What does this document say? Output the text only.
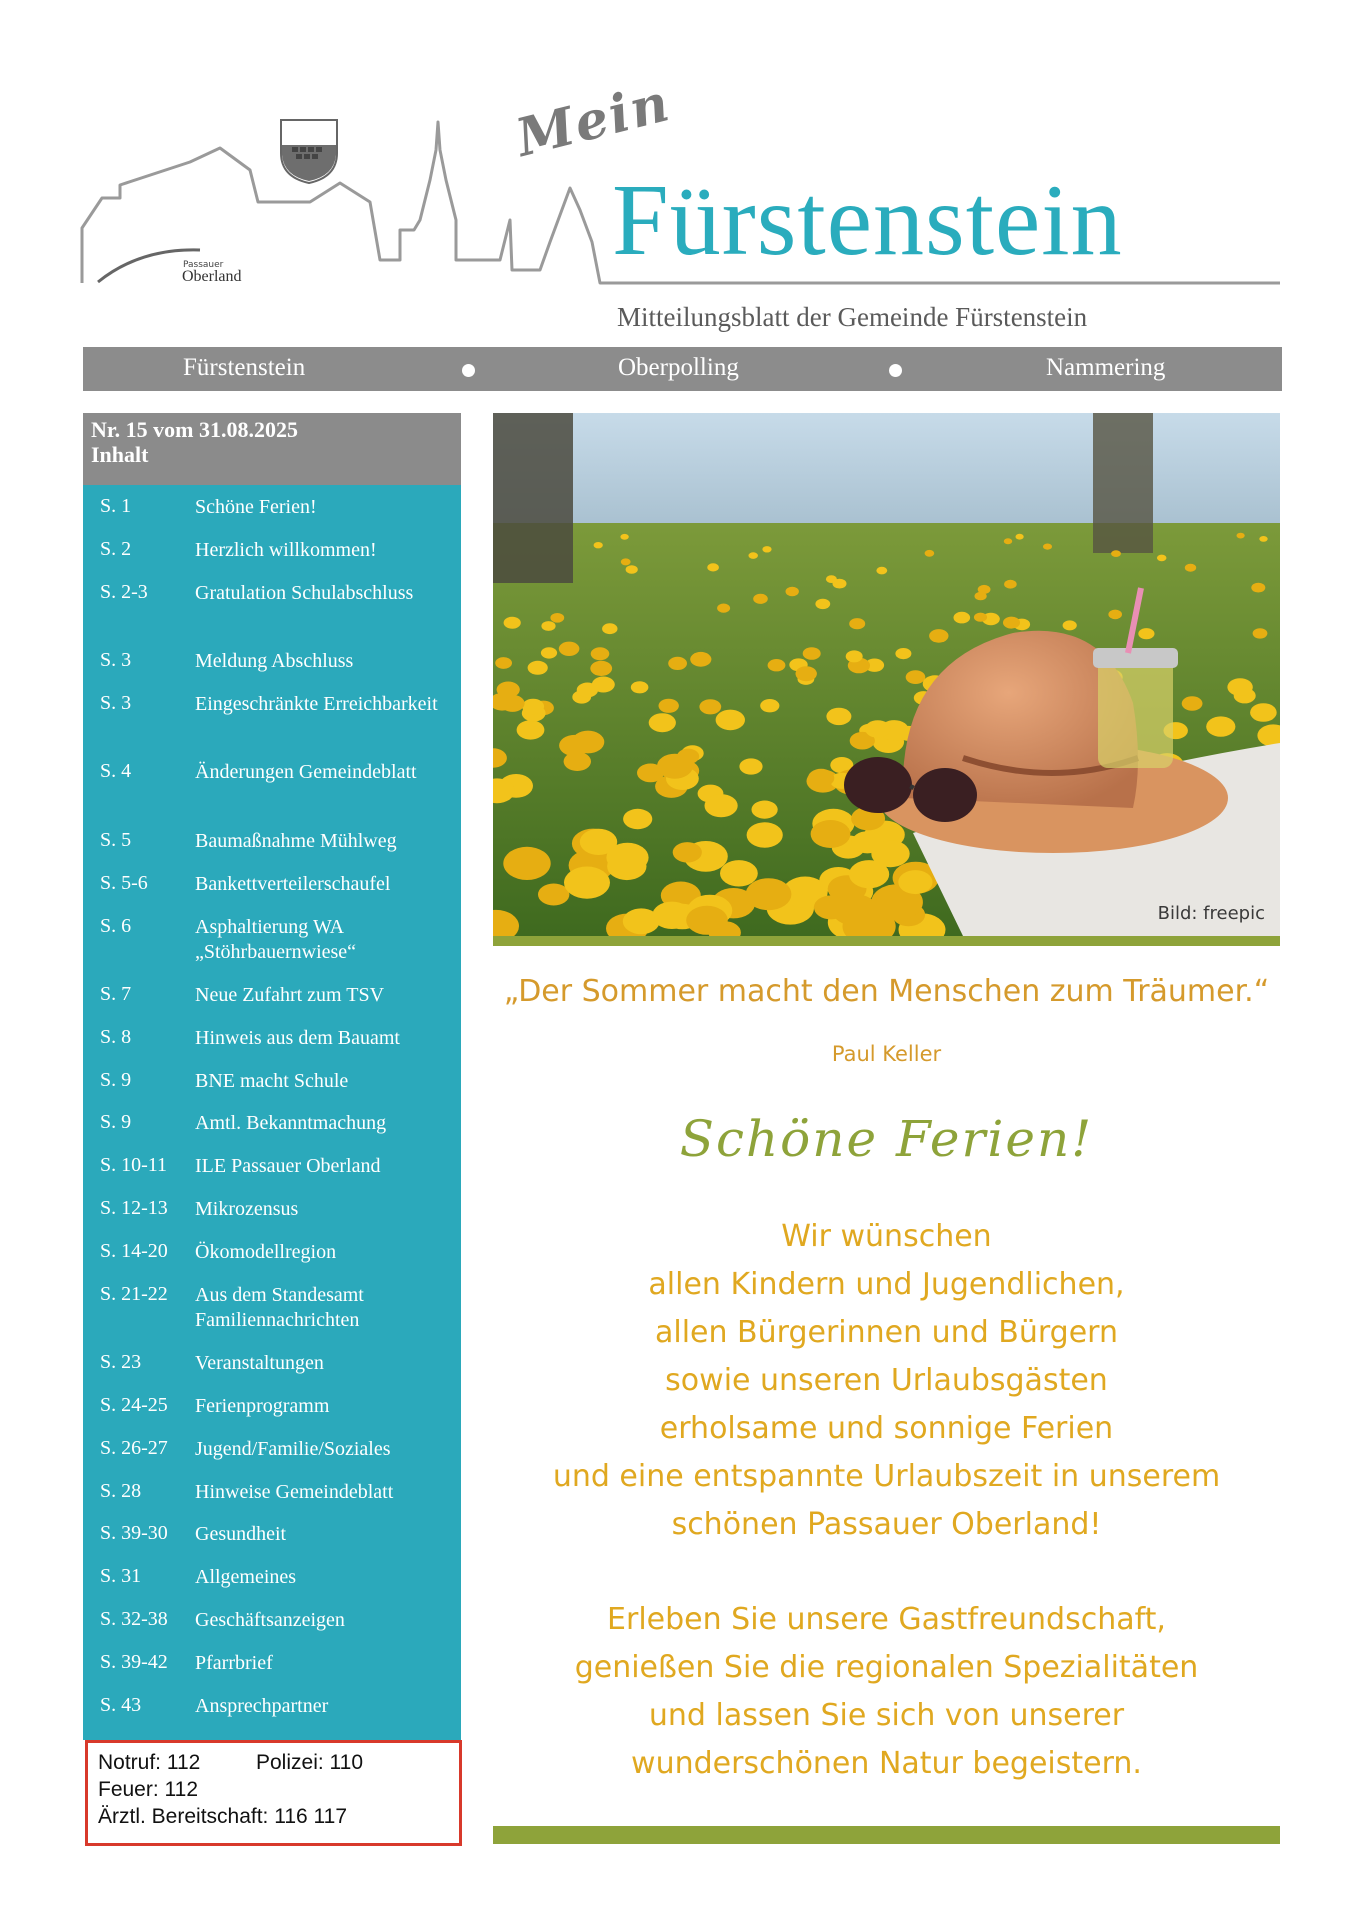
Passauer
Oberland
Mein
Fürstenstein
Mitteilungsblatt der Gemeinde Fürstenstein
Fürstenstein	Oberpolling	Nammering
Nr. 15 vom 31.08.2025
Inhalt
S. 1	Schöne Ferien!
S. 2	Herzlich willkommen!
S. 2-3 Gratulation Schulabschluss
S. 3	Meldung Abschluss
S. 3	Eingeschränkte Erreichbarkeit
S. 4	Änderungen Gemeindeblatt
S. 5	Baumaßnahme Mühlweg
S. 5-6 Bankettverteilerschaufel
S. 6	Asphaltierung WA „Stöhrbauernwiese“
S. 7	Neue Zufahrt zum TSV
S. 8	Hinweis aus dem Bauamt
S. 9	BNE macht Schule
S. 9	Amtl. Bekanntmachung
S. 10-11 ILE Passauer Oberland
S. 12-13 Mikrozensus
S. 14-20 Ökomodellregion
S. 21-22 Aus dem Standesamt Familiennachrichten
S. 23	Veranstaltungen
S. 24-25 Ferienprogramm
S. 26-27 Jugend/Familie/Soziales
S. 28	Hinweise Gemeindeblatt
S. 39-30 Gesundheit
S. 31	Allgemeines
S. 32-38 Geschäftsanzeigen
S. 39-42 Pfarrbrief
S. 43	Ansprechpartner
Notruf: 112	Polizei: 110
Feuer: 112
Ärztl. Bereitschaft: 116 117
Bild: freepic
„Der Sommer macht den Menschen zum Träumer.“
Paul Keller
Schöne Ferien!
Wir wünschen
allen Kindern und Jugendlichen,
allen Bürgerinnen und Bürgern
sowie unseren Urlaubsgästen
erholsame und sonnige Ferien
und eine entspannte Urlaubszeit in unserem
schönen Passauer Oberland!
Erleben Sie unsere Gastfreundschaft,
genießen Sie die regionalen Spezialitäten
und lassen Sie sich von unserer
wunderschönen Natur begeistern.
